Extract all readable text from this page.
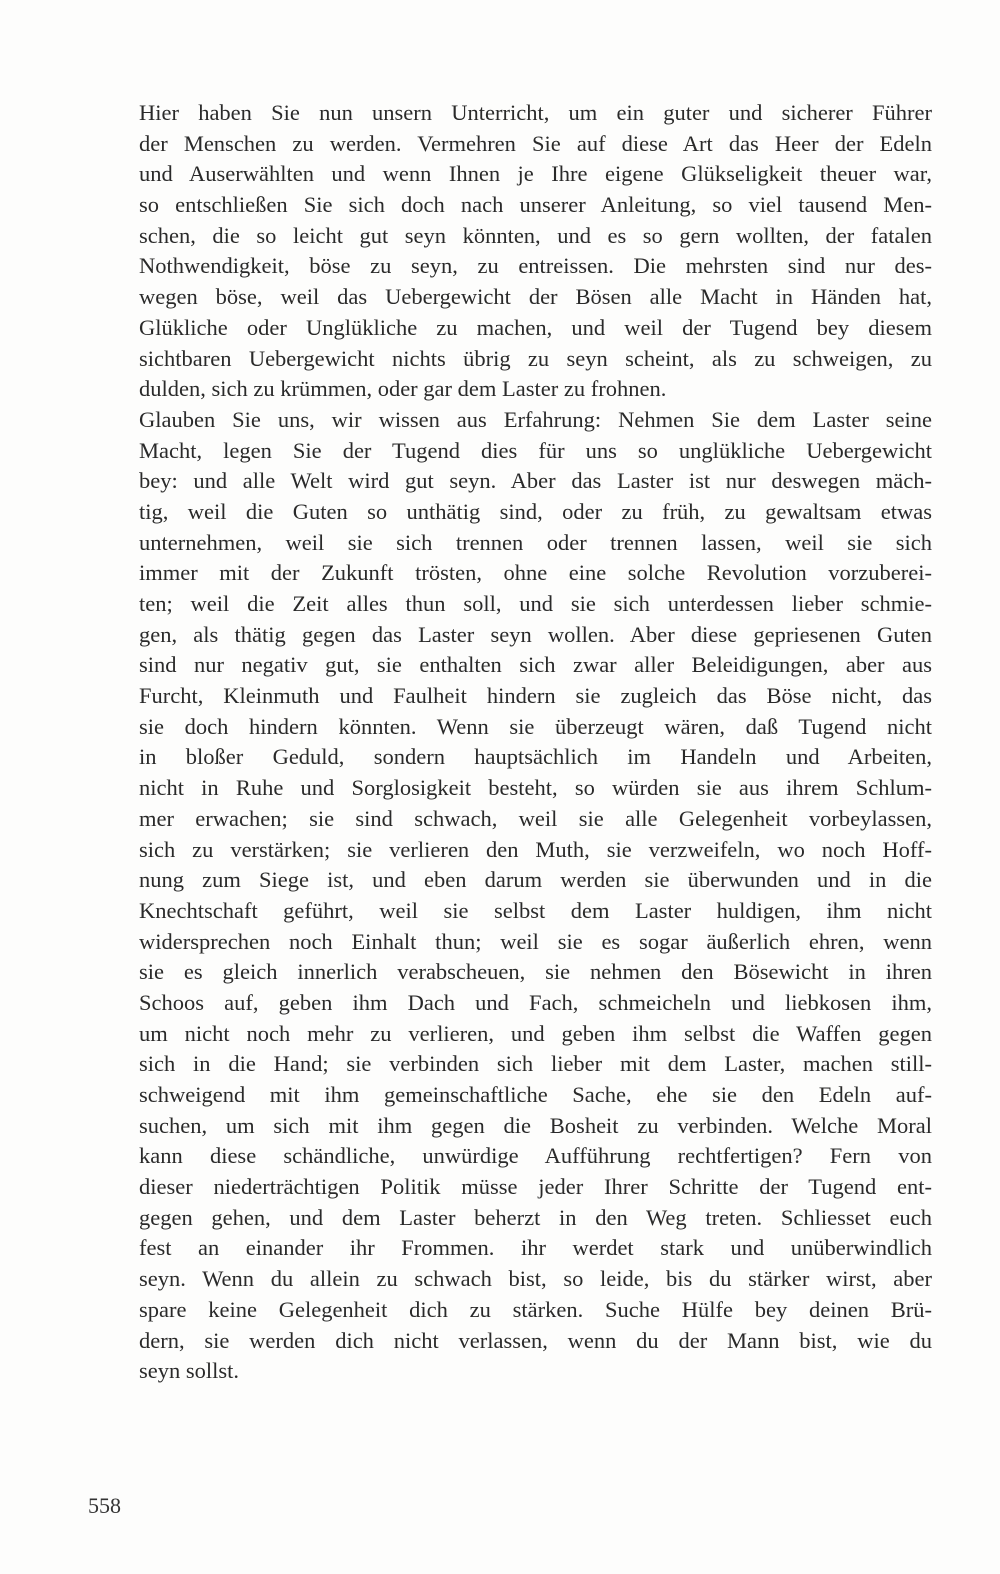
Hier haben Sie nun unsern Unterricht, um ein guter und sicherer Führer
der Menschen zu werden. Vermehren Sie auf diese Art das Heer der Edeln
und Auserwählten und wenn Ihnen je Ihre eigene Glükseligkeit theuer war,
so entschließen Sie sich doch nach unserer Anleitung, so viel tausend Men-
schen, die so leicht gut seyn könnten, und es so gern wollten, der fatalen
Nothwendigkeit, böse zu seyn, zu entreissen. Die mehrsten sind nur des-
wegen böse, weil das Uebergewicht der Bösen alle Macht in Händen hat,
Glükliche oder Unglükliche zu machen, und weil der Tugend bey diesem
sichtbaren Uebergewicht nichts übrig zu seyn scheint, als zu schweigen, zu
dulden, sich zu krümmen, oder gar dem Laster zu frohnen.
Glauben Sie uns, wir wissen aus Erfahrung: Nehmen Sie dem Laster seine
Macht, legen Sie der Tugend dies für uns so unglükliche Uebergewicht
bey: und alle Welt wird gut seyn. Aber das Laster ist nur deswegen mäch-
tig, weil die Guten so unthätig sind, oder zu früh, zu gewaltsam etwas
unternehmen, weil sie sich trennen oder trennen lassen, weil sie sich
immer mit der Zukunft trösten, ohne eine solche Revolution vorzuberei-
ten; weil die Zeit alles thun soll, und sie sich unterdessen lieber schmie-
gen, als thätig gegen das Laster seyn wollen. Aber diese gepriesenen Guten
sind nur negativ gut, sie enthalten sich zwar aller Beleidigungen, aber aus
Furcht, Kleinmuth und Faulheit hindern sie zugleich das Böse nicht, das
sie doch hindern könnten. Wenn sie überzeugt wären, daß Tugend nicht
in bloßer Geduld, sondern hauptsächlich im Handeln und Arbeiten,
nicht in Ruhe und Sorglosigkeit besteht, so würden sie aus ihrem Schlum-
mer erwachen; sie sind schwach, weil sie alle Gelegenheit vorbeylassen,
sich zu verstärken; sie verlieren den Muth, sie verzweifeln, wo noch Hoff-
nung zum Siege ist, und eben darum werden sie überwunden und in die
Knechtschaft geführt, weil sie selbst dem Laster huldigen, ihm nicht
widersprechen noch Einhalt thun; weil sie es sogar äußerlich ehren, wenn
sie es gleich innerlich verabscheuen, sie nehmen den Bösewicht in ihren
Schoos auf, geben ihm Dach und Fach, schmeicheln und liebkosen ihm,
um nicht noch mehr zu verlieren, und geben ihm selbst die Waffen gegen
sich in die Hand; sie verbinden sich lieber mit dem Laster, machen still-
schweigend mit ihm gemeinschaftliche Sache, ehe sie den Edeln auf-
suchen, um sich mit ihm gegen die Bosheit zu verbinden. Welche Moral
kann diese schändliche, unwürdige Aufführung rechtfertigen? Fern von
dieser niederträchtigen Politik müsse jeder Ihrer Schritte der Tugend ent-
gegen gehen, und dem Laster beherzt in den Weg treten. Schliesset euch
fest an einander ihr Frommen. ihr werdet stark und unüberwindlich
seyn. Wenn du allein zu schwach bist, so leide, bis du stärker wirst, aber
spare keine Gelegenheit dich zu stärken. Suche Hülfe bey deinen Brü-
dern, sie werden dich nicht verlassen, wenn du der Mann bist, wie du
seyn sollst.
558
